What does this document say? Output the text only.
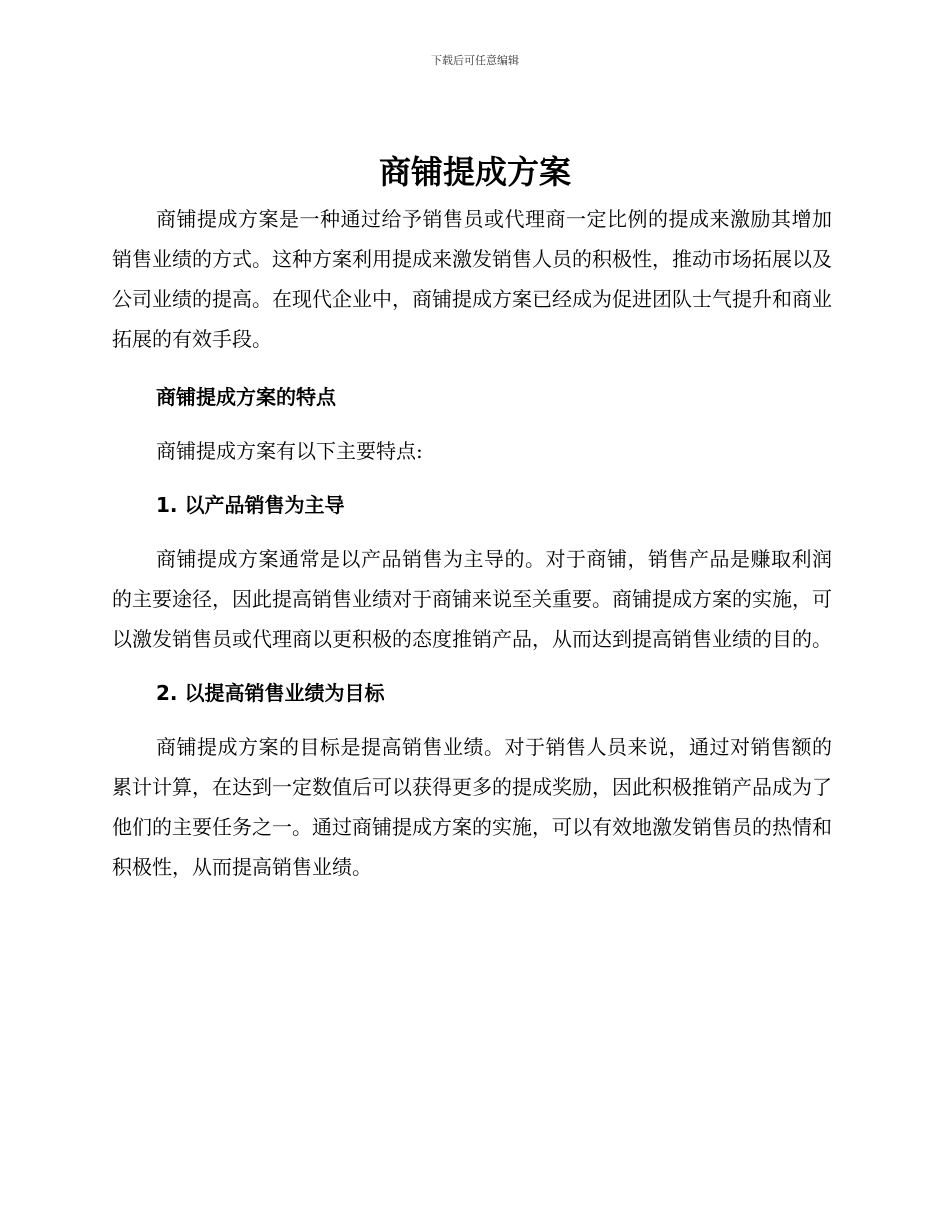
下载后可任意编辑
商铺提成方案

商铺提成方案是一种通过给予销售员或代理商一定比例的提成来激励其增加销售业绩的方式。这种方案利用提成来激发销售人员的积极性，推动市场拓展以及公司业绩的提高。在现代企业中，商铺提成方案已经成为促进团队士气提升和商业拓展的有效手段。

商铺提成方案的特点

商铺提成方案有以下主要特点:

1. 以产品销售为主导

商铺提成方案通常是以产品销售为主导的。对于商铺，销售产品是赚取利润的主要途径，因此提高销售业绩对于商铺来说至关重要。商铺提成方案的实施，可以激发销售员或代理商以更积极的态度推销产品，从而达到提高销售业绩的目的。

2. 以提高销售业绩为目标

商铺提成方案的目标是提高销售业绩。对于销售人员来说，通过对销售额的累计计算，在达到一定数值后可以获得更多的提成奖励，因此积极推销产品成为了他们的主要任务之一。通过商铺提成方案的实施，可以有效地激发销售员的热情和积极性，从而提高销售业绩。
